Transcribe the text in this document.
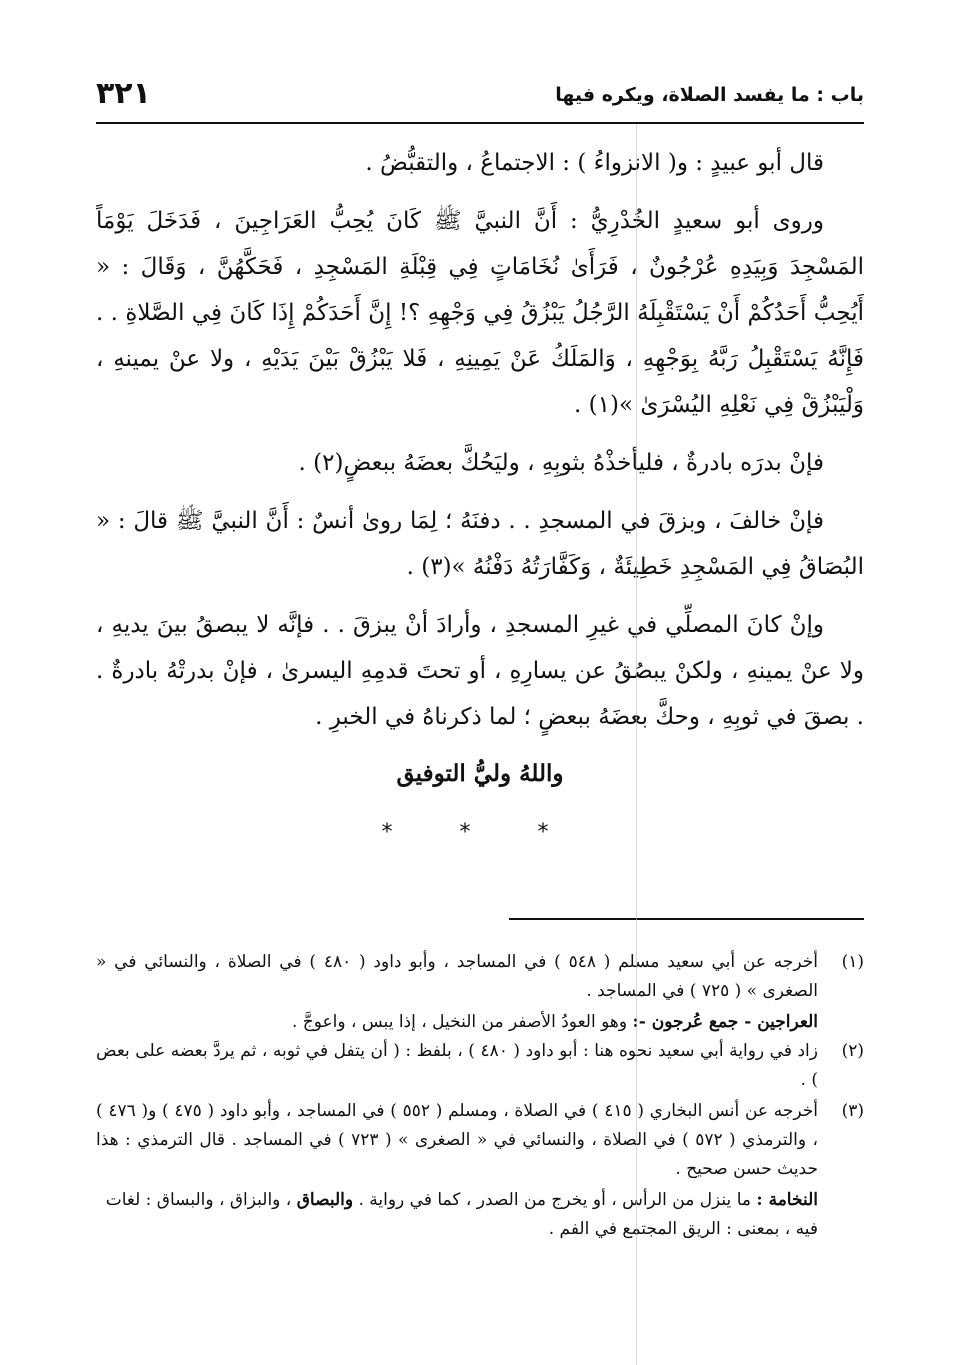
باب : ما يفسد الصلاة، ويكره فيها
٣٢١

قال أبو عبيدٍ : و( الانزواءُ ) : الاجتماعُ ، والتقبُّضُ .

وروى أبو سعيدٍ الخُدْرِيُّ : أَنَّ النبيَّ ﷺ كَانَ يُحِبُّ العَرَاجِينَ ، فَدَخَلَ يَوْمَاً المَسْجِدَ وَبِيَدِهِ عُرْجُونٌ ، فَرَأَىٰ نُخَامَاتٍ فِي قِبْلَةِ المَسْجِدِ ، فَحَكَّهُنَّ ، وَقَالَ : « أَيُحِبُّ أَحَدُكُمْ أَنْ يَسْتَقْبِلَهُ الرَّجُلُ يَبْزُقُ فِي وَجْهِهِ ؟! إِنَّ أَحَدَكُمْ إِذَا كَانَ فِي الصَّلاةِ . . فَإِنَّهُ يَسْتَقْبِلُ رَبَّهُ بِوَجْهِهِ ، وَالمَلَكُ عَنْ يَمِينِهِ ، فَلا يَبْزُقْ بَيْنَ يَدَيْهِ ، ولا عنْ يمينهِ ، وَلْيَبْزُقْ فِي نَعْلِهِ اليُسْرَىٰ »(١) .

فإنْ بدرَه بادرةٌ ، فليأخذْهُ بثوبِهِ ، وليَحُكَّ بعضَهُ ببعضٍ(٢) .

فإنْ خالفَ ، وبزقَ في المسجدِ . . دفنَهُ ؛ لِمَا روىٰ أنسٌ : أَنَّ النبيَّ ﷺ قالَ : « البُصَاقُ فِي المَسْجِدِ خَطِيئَةٌ ، وَكَفَّارَتُهُ دَفْنُهُ »(٣) .

وإنْ كانَ المصلِّي في غيرِ المسجدِ ، وأرادَ أنْ يبزقَ . . فإنَّه لا يبصقُ بينَ يديهِ ، ولا عنْ يمينهِ ، ولكنْ يبصُقُ عن يسارِهِ ، أو تحتَ قدمِهِ اليسرىٰ ، فإنْ بدرتْهُ بادرةٌ . . بصقَ في ثوبِهِ ، وحكَّ بعضَهُ ببعضٍ ؛ لما ذكرناهُ في الخبرِ .

واللهُ وليُّ التوفيق
* * *
(١)
أخرجه عن أبي سعيد مسلم ( ٥٤٨ ) في المساجد ، وأبو داود ( ٤٨٠ ) في الصلاة ، والنسائي في « الصغرى » ( ٧٢٥ ) في المساجد .
العراجين - جمع عُرجون -: وهو العودُ الأصفر من النخيل ، إذا يبس ، واعوجَّ .
(٢)
زاد في رواية أبي سعيد نحوه هنا : أبو داود ( ٤٨٠ ) ، بلفظ : ( أن يتفل في ثوبه ، ثم يردَّ بعضه على بعض ) .
(٣)
أخرجه عن أنس البخاري ( ٤١٥ ) في الصلاة ، ومسلم ( ٥٥٢ ) في المساجد ، وأبو داود ( ٤٧٥ ) و( ٤٧٦ ) ، والترمذي ( ٥٧٢ ) في الصلاة ، والنسائي في « الصغرى » ( ٧٢٣ ) في المساجد . قال الترمذي : هذا حديث حسن صحيح .
النخامة : ما ينزل من الرأس ، أو يخرج من الصدر ، كما في رواية . والبصاق ، والبزاق ، والبساق : لغات فيه ، بمعنى : الريق المجتمع في الفم .
